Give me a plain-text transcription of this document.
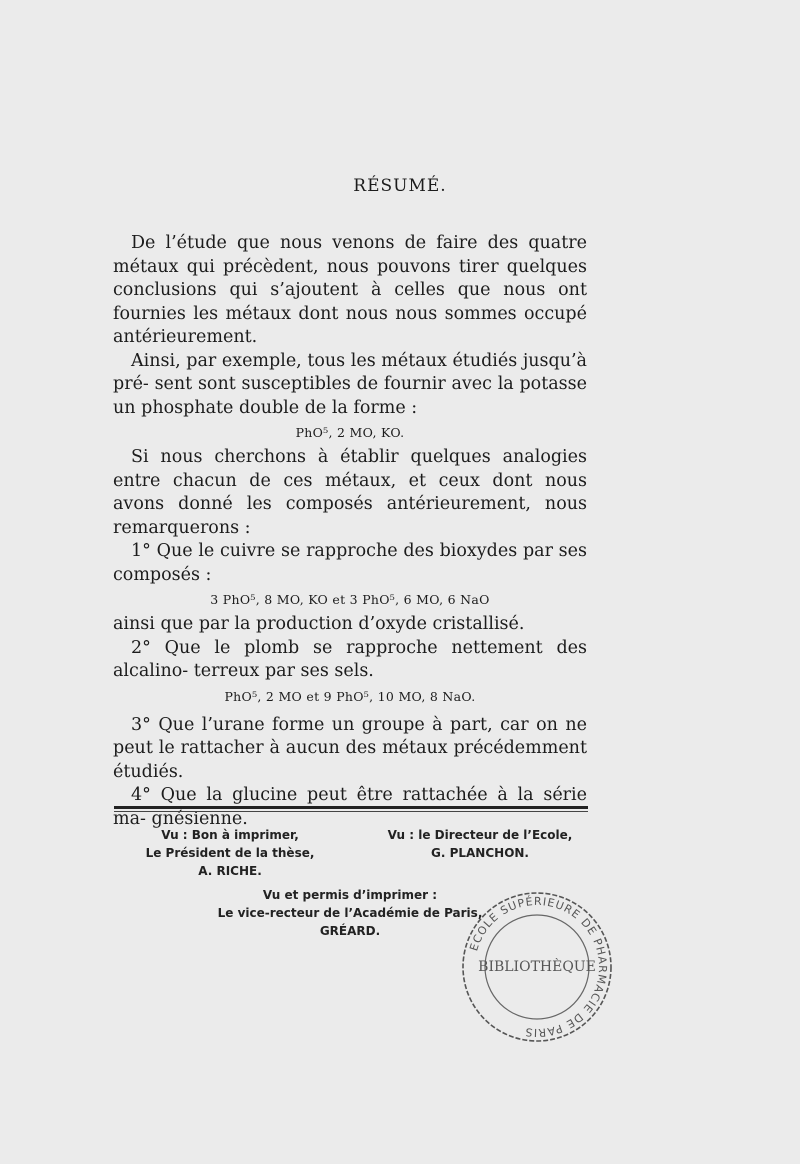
RÉSUMÉ.

De l’étude que nous venons de faire des quatre métaux qui précèdent, nous pouvons tirer quelques conclusions qui s’ajoutent à celles que nous ont fournies les métaux dont nous nous sommes occupé antérieurement.

Ainsi, par exemple, tous les métaux étudiés jusqu’à pré- sent sont susceptibles de fournir avec la potasse un phosphate double de la forme :

PhO⁵, 2 MO, KO.

Si nous cherchons à établir quelques analogies entre chacun de ces métaux, et ceux dont nous avons donné les composés antérieurement, nous remarquerons :

1° Que le cuivre se rapproche des bioxydes par ses composés :

3 PhO⁵, 8 MO, KO et 3 PhO⁵, 6 MO, 6 NaO

ainsi que par la production d’oxyde cristallisé.

2° Que le plomb se rapproche nettement des alcalino- terreux par ses sels.

PhO⁵, 2 MO et 9 PhO⁵, 10 MO, 8 NaO.

3° Que l’urane forme un groupe à part, car on ne peut le rattacher à aucun des métaux précédemment étudiés.

4° Que la glucine peut être rattachée à la série ma- gnésienne.

Vu : Bon à imprimer,
Le Président de la thèse,
A. RICHE.
Vu : le Directeur de l’Ecole,
G. PLANCHON.
Vu et permis d’imprimer :
Le vice-recteur de l’Académie de Paris,
GRÉARD.
ECOLE SUPÉRIEURE DE PHARMACIE DE PARIS
BIBLIOTHÈQUE
